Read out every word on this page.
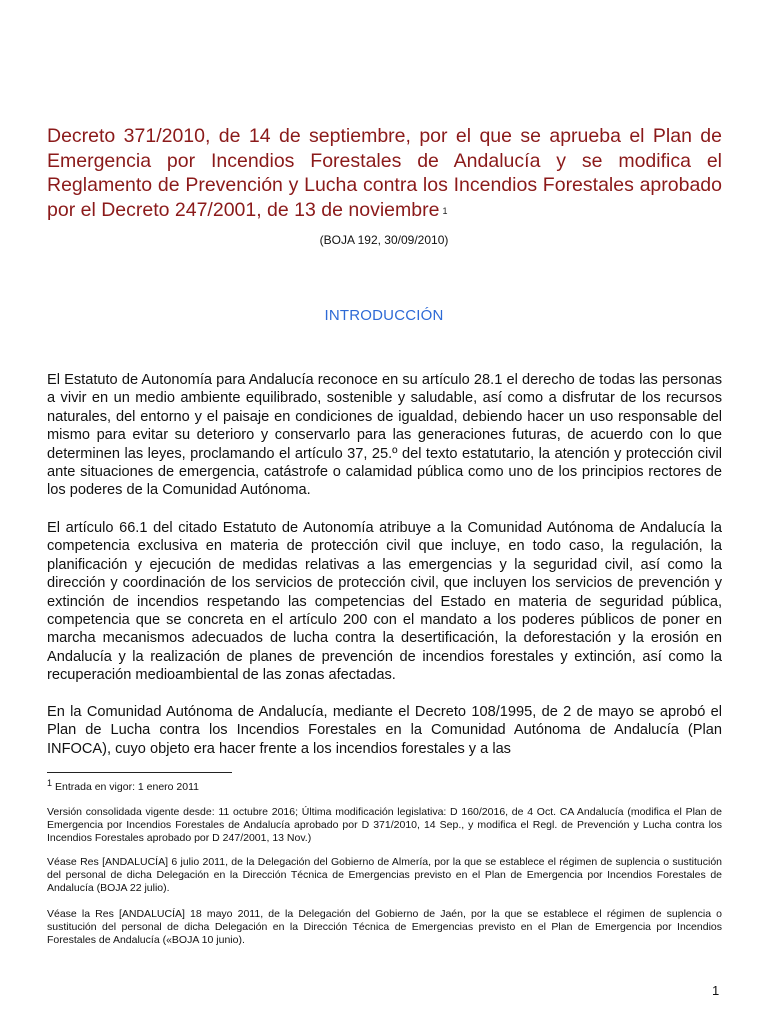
Decreto 371/2010, de 14 de septiembre, por el que se aprueba el Plan de Emergencia por Incendios Forestales de Andalucía y se modifica el Reglamento de Prevención y Lucha contra los Incendios Forestales aprobado por el Decreto 247/2001, de 13 de noviembre $^1$
(BOJA 192, 30/09/2010)
INTRODUCCIÓN

El Estatuto de Autonomía para Andalucía reconoce en su artículo 28.1 el derecho de todas las personas a vivir en un medio ambiente equilibrado, sostenible y saludable, así como a disfrutar de los recursos naturales, del entorno y el paisaje en condiciones de igualdad, debiendo hacer un uso responsable del mismo para evitar su deterioro y conservarlo para las generaciones futuras, de acuerdo con lo que determinen las leyes, proclamando el artículo 37, 25.º del texto estatutario, la atención y protección civil ante situaciones de emergencia, catástrofe o calamidad pública como uno de los principios rectores de los poderes de la Comunidad Autónoma.

El artículo 66.1 del citado Estatuto de Autonomía atribuye a la Comunidad Autónoma de Andalucía la competencia exclusiva en materia de protección civil que incluye, en todo caso, la regulación, la planificación y ejecución de medidas relativas a las emergencias y la seguridad civil, así como la dirección y coordinación de los servicios de protección civil, que incluyen los servicios de prevención y extinción de incendios respetando las competencias del Estado en materia de seguridad pública, competencia que se concreta en el artículo 200 con el mandato a los poderes públicos de poner en marcha mecanismos adecuados de lucha contra la desertificación, la deforestación y la erosión en Andalucía y la realización de planes de prevención de incendios forestales y extinción, así como la recuperación medioambiental de las zonas afectadas.

En la Comunidad Autónoma de Andalucía, mediante el Decreto 108/1995, de 2 de mayo se aprobó el Plan de Lucha contra los Incendios Forestales en la Comunidad Autónoma de Andalucía (Plan INFOCA), cuyo objeto era hacer frente a los incendios forestales y a las

1 Entrada en vigor: 1 enero 2011

Versión consolidada vigente desde: 11 octubre 2016; Última modificación legislativa: D 160/2016, de 4 Oct. CA Andalucía (modifica el Plan de Emergencia por Incendios Forestales de Andalucía aprobado por D 371/2010, 14 Sep., y modifica el Regl. de Prevención y Lucha contra los Incendios Forestales aprobado por D 247/2001, 13 Nov.)

Véase Res [ANDALUCÍA] 6 julio 2011, de la Delegación del Gobierno de Almería, por la que se establece el régimen de suplencia o sustitución del personal de dicha Delegación en la Dirección Técnica de Emergencias previsto en el Plan de Emergencia por Incendios Forestales de Andalucía (BOJA 22 julio).

Véase la Res [ANDALUCÍA] 18 mayo 2011, de la Delegación del Gobierno de Jaén, por la que se establece el régimen de suplencia o sustitución del personal de dicha Delegación en la Dirección Técnica de Emergencias previsto en el Plan de Emergencia por Incendios Forestales de Andalucía («BOJA 10 junio).

1
